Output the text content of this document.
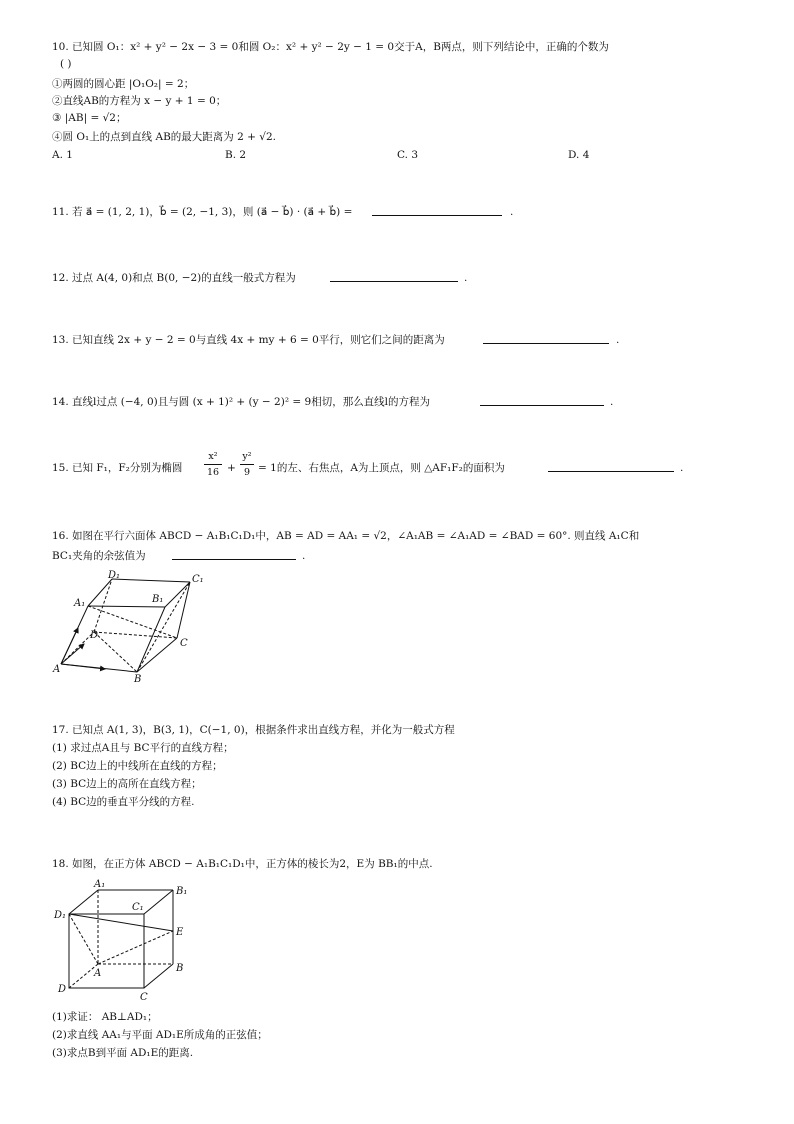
10. 已知圆 O₁：x² + y² − 2x − 3 = 0和圆 O₂：x² + y² − 2y − 1 = 0交于A，B两点，则下列结论中，正确的个数为
( )
①两圆的圆心距 |O₁O₂| = 2；
②直线AB的方程为 x − y + 1 = 0；
③ |AB| = √2；
④圆 O₁上的点到直线 AB的最大距离为 2 + √2.
A. 1	B. 2	C. 3	D. 4
11. 若 a⃗ = (1, 2, 1)，b⃗ = (2, −1, 3)，则 (a⃗ − b⃗) · (a⃗ + b⃗) =	.
12. 过点 A(4, 0)和点 B(0, −2)的直线一般式方程为	.
13. 已知直线 2x + y − 2 = 0与直线 4x + my + 6 = 0平行，则它们之间的距离为	.
14. 直线l过点 (−4, 0)且与圆 (x + 1)² + (y − 2)² = 9相切，那么直线l的方程为	.
15. 已知 F₁，F₂分别为椭圆
x²
16 +
y²
9 = 1的左、右焦点，A为上顶点，则 △AF₁F₂的面积为	.
16. 如图在平行六面体 ABCD − A₁B₁C₁D₁中，AB = AD = AA₁ = √2，∠A₁AB = ∠A₁AD = ∠BAD = 60°. 则直线 A₁C和
BC₁夹角的余弦值为	.
D₁	C₁
A₁	B₁
D
C
A
B
17. 已知点 A(1, 3)，B(3, 1)，C(−1, 0)，根据条件求出直线方程，并化为一般式方程
(1) 求过点A且与 BC平行的直线方程；
(2) BC边上的中线所在直线的方程；
(3) BC边上的高所在直线方程；
(4) BC边的垂直平分线的方程.
18. 如图，在正方体 ABCD − A₁B₁C₁D₁中，正方体的棱长为2，E为 BB₁的中点.
A₁
B₁
C₁
D₁
E
A	B
C
D
(1)求证： AB⊥AD₁；
(2)求直线 AA₁与平面 AD₁E所成角的正弦值；
(3)求点B到平面 AD₁E的距离.
